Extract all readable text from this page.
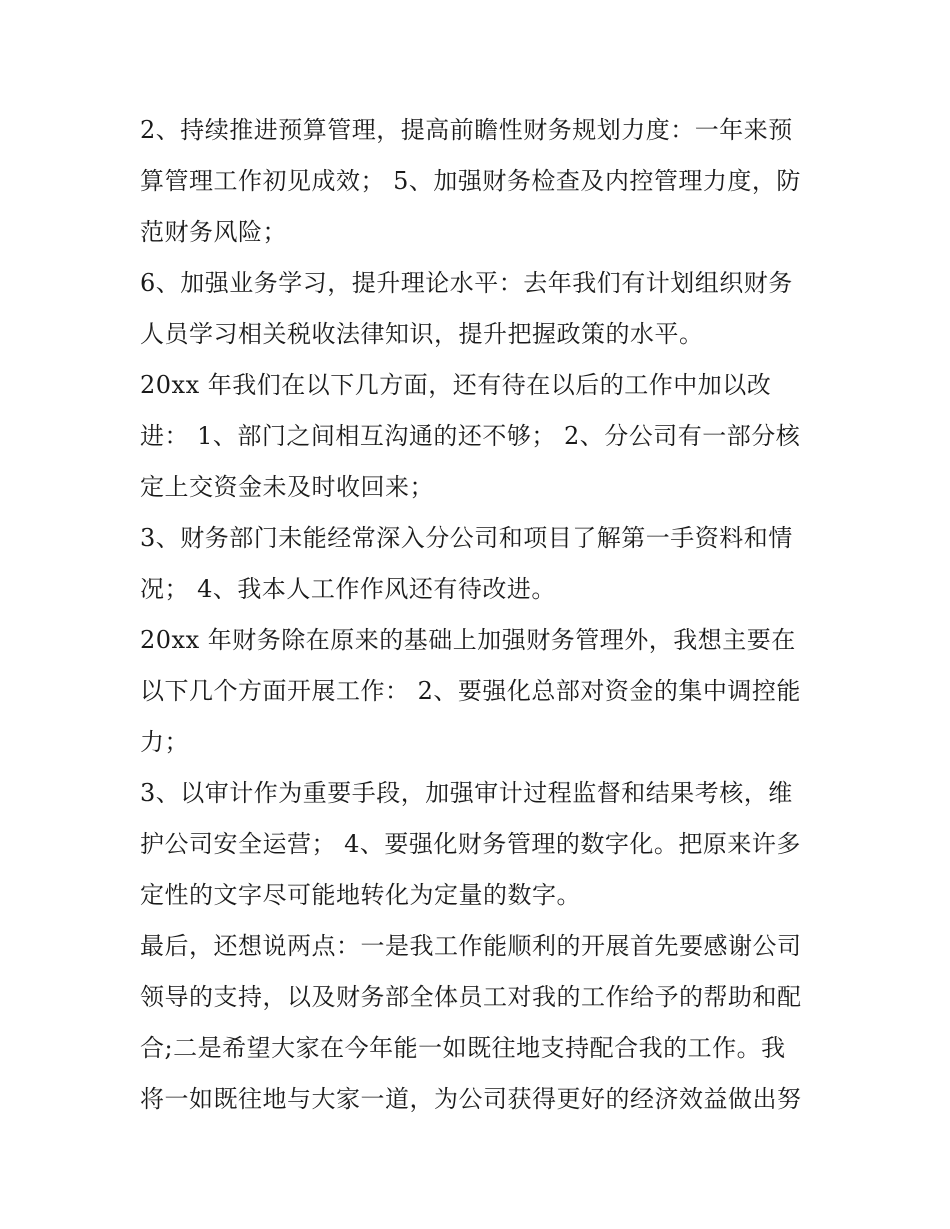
2、持续推进预算管理，提高前瞻性财务规划力度：一年来预
算管理工作初见成效； 5、加强财务检查及内控管理力度，防
范财务风险；
6、加强业务学习，提升理论水平：去年我们有计划组织财务
人员学习相关税收法律知识，提升把握政策的水平。
20xx 年我们在以下几方面，还有待在以后的工作中加以改
进： 1、部门之间相互沟通的还不够； 2、分公司有一部分核
定上交资金未及时收回来；
3、财务部门未能经常深入分公司和项目了解第一手资料和情
况； 4、我本人工作作风还有待改进。
20xx 年财务除在原来的基础上加强财务管理外，我想主要在
以下几个方面开展工作： 2、要强化总部对资金的集中调控能
力；
3、以审计作为重要手段，加强审计过程监督和结果考核，维
护公司安全运营； 4、要强化财务管理的数字化。把原来许多
定性的文字尽可能地转化为定量的数字。
最后，还想说两点：一是我工作能顺利的开展首先要感谢公司
领导的支持，以及财务部全体员工对我的工作给予的帮助和配
合;二是希望大家在今年能一如既往地支持配合我的工作。我
将一如既往地与大家一道，为公司获得更好的经济效益做出努
